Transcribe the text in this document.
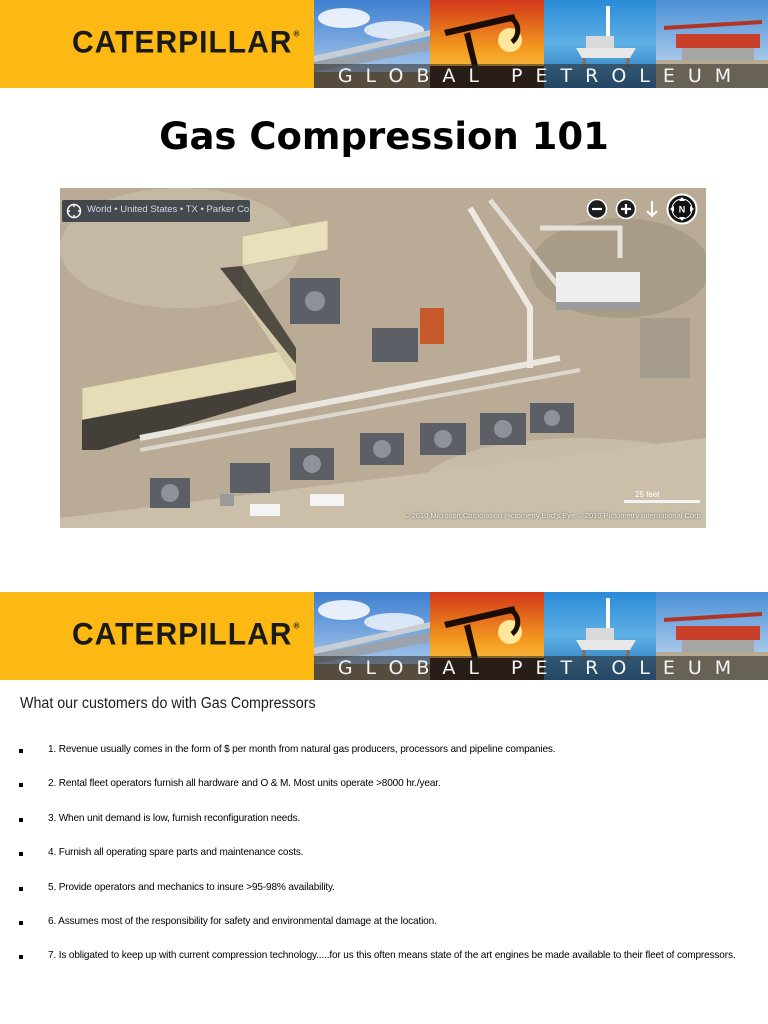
CATERPILLAR®
GLOBAL PETROLEUM
Gas Compression 101
World • United States • TX • Parker Co.	N
25 feet
© 2010 Microsoft Corporation Pictometry Bird's Eye © 2010 Pictometry International Corp
CATERPILLAR®
GLOBAL PETROLEUM
What our customers do with Gas Compressors
1. Revenue usually comes in the form of $ per month from natural gas producers, processors and pipeline companies.
2. Rental fleet operators furnish all hardware and O & M. Most units operate >8000 hr./year.
3. When unit demand is low, furnish reconfiguration needs.
4. Furnish all operating spare parts and maintenance costs.
5. Provide operators and mechanics to insure >95-98% availability.
6. Assumes most of the responsibility for safety and environmental damage at the location.
7. Is obligated to keep up with current compression technology.....for us this often means state of the art engines be made available to their fleet of compressors.
